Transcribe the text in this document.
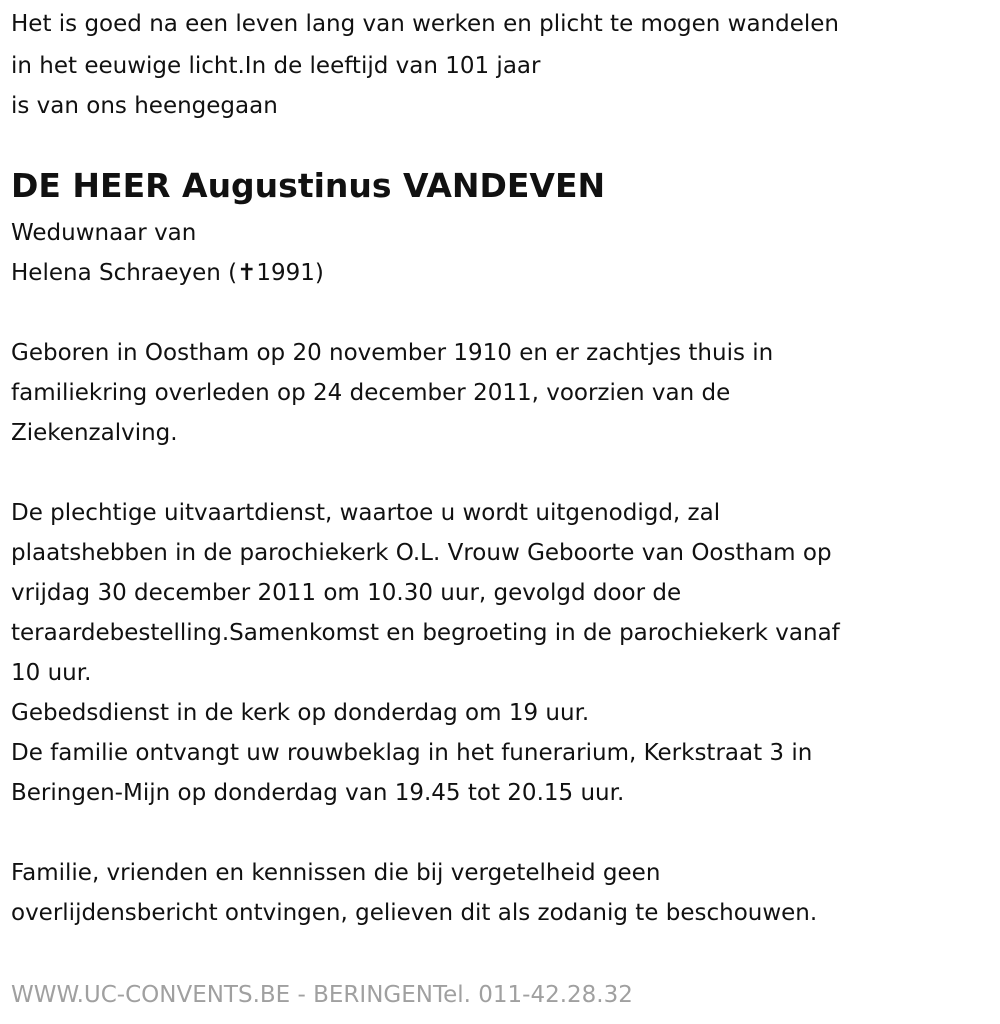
Het is goed na een leven lang van werken en plicht te mogen wandelen
in het eeuwige licht.In de leeftijd van 101 jaar
is van ons heengegaan
DE HEER Augustinus VANDEVEN
Weduwnaar van
Helena Schraeyen (✝1991)
Geboren in Oostham op 20 november 1910 en er zachtjes thuis in
familiekring overleden op 24 december 2011, voorzien van de
Ziekenzalving.
De plechtige uitvaartdienst, waartoe u wordt uitgenodigd, zal
plaatshebben in de parochiekerk O.L. Vrouw Geboorte van Oostham op
vrijdag 30 december 2011 om 10.30 uur, gevolgd door de
teraardebestelling.Samenkomst en begroeting in de parochiekerk vanaf
10 uur.
Gebedsdienst in de kerk op donderdag om 19 uur.
De familie ontvangt uw rouwbeklag in het funerarium, Kerkstraat 3 in
Beringen-Mijn op donderdag van 19.45 tot 20.15 uur.
Familie, vrienden en kennissen die bij vergetelheid geen
overlijdensbericht ontvingen, gelieven dit als zodanig te beschouwen.
WWW.UC-CONVENTS.BE - BERINGENTel. 011-42.28.32
